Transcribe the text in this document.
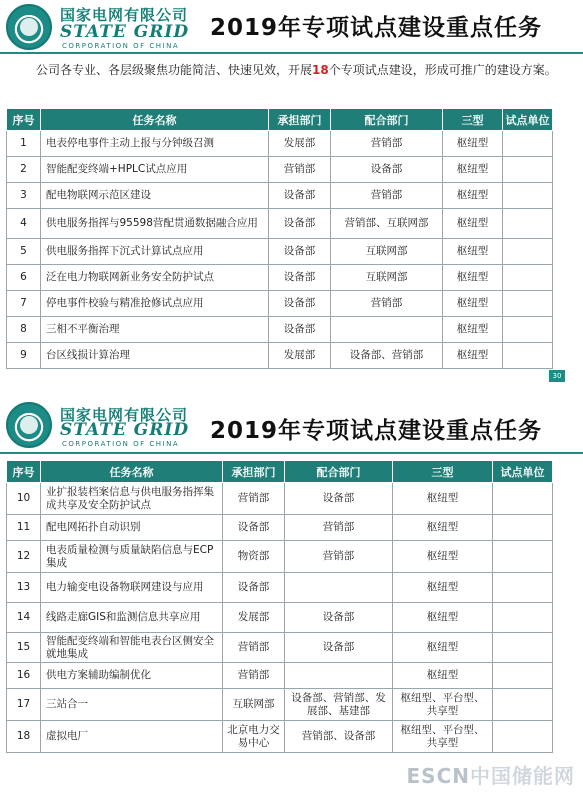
国家电网有限公司
STATE GRID
CORPORATION OF CHINA
2019年专项试点建设重点任务
公司各专业、各层级聚焦功能简洁、快速见效，开展18个专项试点建设，形成可推广的建设方案。
序号	任务名称	承担部门	配合部门	三型	试点单位
1	电表停电事件主动上报与分钟级召测	发展部	营销部	枢纽型	
2	智能配变终端+HPLC试点应用	营销部	设备部	枢纽型	
3	配电物联网示范区建设	设备部	营销部	枢纽型	
4	供电服务指挥与95598营配贯通数据融合应用	设备部	营销部、互联网部	枢纽型	
5	供电服务指挥下沉式计算试点应用	设备部	互联网部	枢纽型	
6	泛在电力物联网新业务安全防护试点	设备部	互联网部	枢纽型	
7	停电事件校验与精准抢修试点应用	设备部	营销部	枢纽型	
8	三相不平衡治理	设备部		枢纽型	
9	台区线损计算治理	发展部	设备部、营销部	枢纽型	
30
国家电网有限公司
STATE GRID
CORPORATION OF CHINA 2019年专项试点建设重点任务
序号	任务名称	承担部门	配合部门	三型	试点单位
10	业扩报装档案信息与供电服务指挥集成共享及安全防护试点	营销部	设备部	枢纽型	
11	配电网拓扑自动识别	设备部	营销部	枢纽型	
12	电表质量检测与质量缺陷信息与ECP集成	物资部	营销部	枢纽型	
13	电力输变电设备物联网建设与应用	设备部		枢纽型	
14	线路走廊GIS和监测信息共享应用	发展部	设备部	枢纽型	
15	智能配变终端和智能电表台区侧安全就地集成	营销部	设备部	枢纽型	
16	供电方案辅助编制优化	营销部		枢纽型	
17	三站合一	互联网部	设备部、营销部、发展部、基建部	枢纽型、平台型、共享型	
18	虚拟电厂	北京电力交易中心	营销部、设备部	枢纽型、平台型、共享型	
ESCN中国储能网
